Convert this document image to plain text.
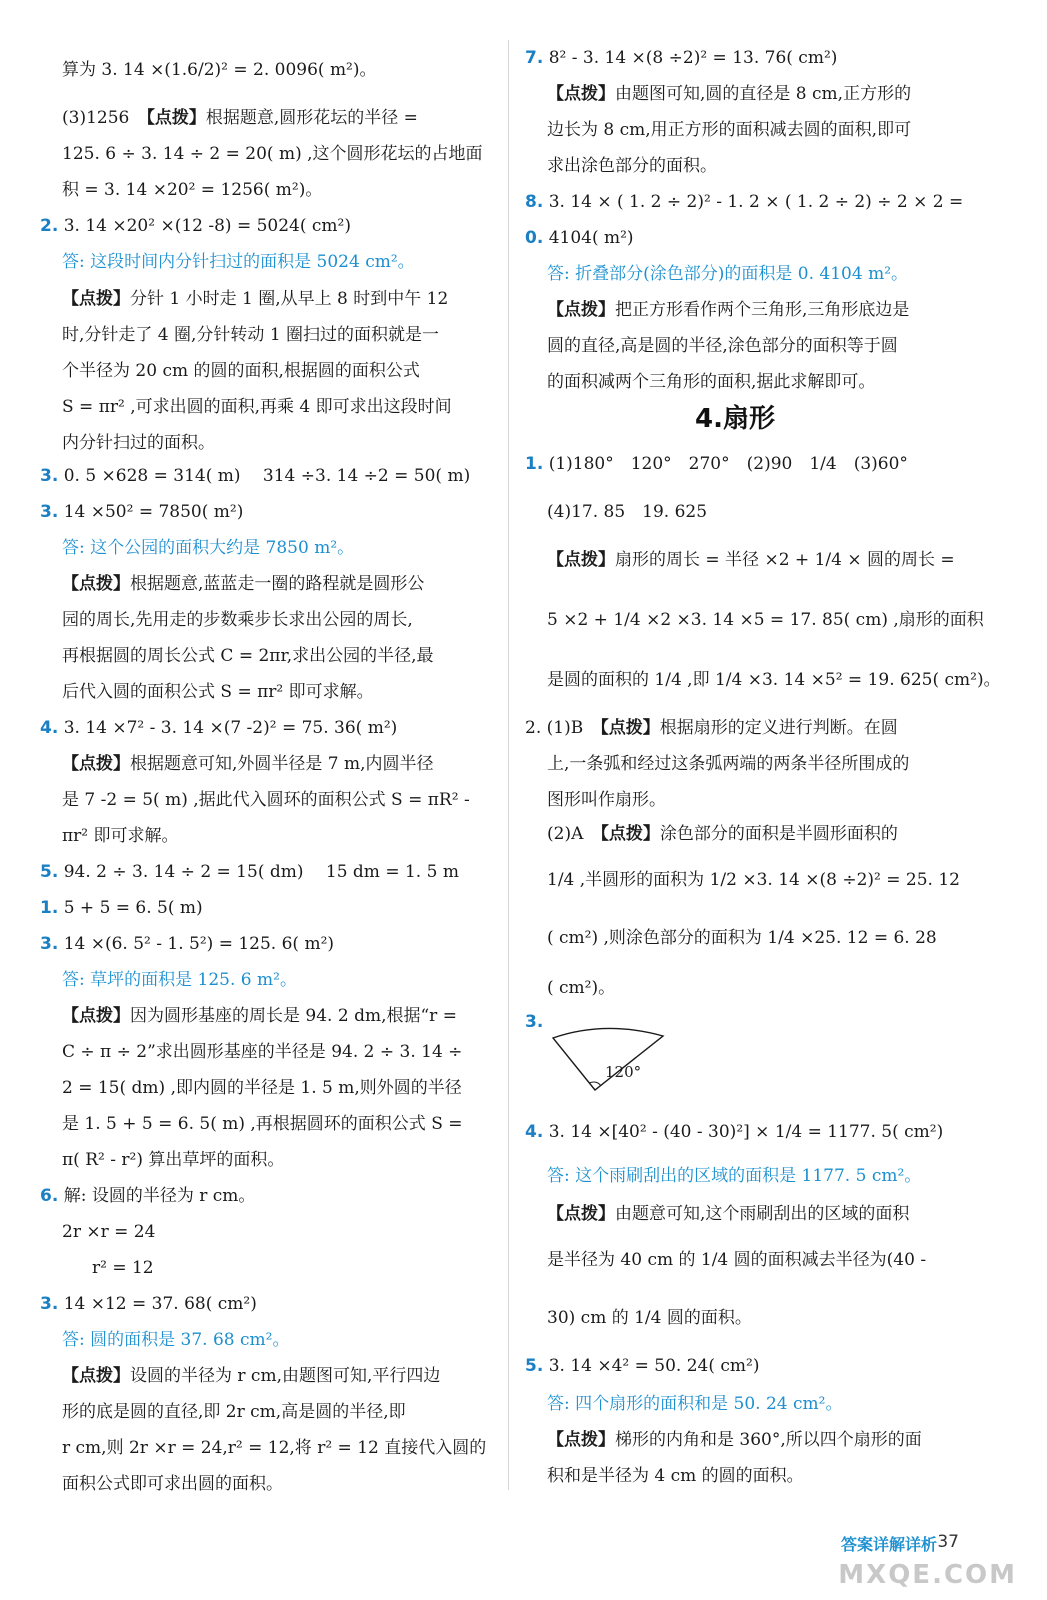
算为 3. 14 ×(1.6/2)² = 2. 0096( m²)。
(3)1256　【点拨】根据题意,圆形花坛的半径 =
125. 6 ÷ 3. 14 ÷ 2 = 20( m) ,这个圆形花坛的占地面
积 = 3. 14 ×20² = 1256( m²)。
2. 3. 14 ×20² ×(12 -8) = 5024( cm²)
答: 这段时间内分针扫过的面积是 5024 cm²。
【点拨】分针 1 小时走 1 圈,从早上 8 时到中午 12
时,分针走了 4 圈,分针转动 1 圈扫过的面积就是一
个半径为 20 cm 的圆的面积,根据圆的面积公式
S = πr² ,可求出圆的面积,再乘 4 即可求出这段时间
内分针扫过的面积。
3. 0. 5 ×628 = 314( m)　 314 ÷3. 14 ÷2 = 50( m)
3. 14 ×50² = 7850( m²)
答: 这个公园的面积大约是 7850 m²。
【点拨】根据题意,蓝蓝走一圈的路程就是圆形公
园的周长,先用走的步数乘步长求出公园的周长,
再根据圆的周长公式 C = 2πr,求出公园的半径,最
后代入圆的面积公式 S = πr² 即可求解。
4. 3. 14 ×7² - 3. 14 ×(7 -2)² = 75. 36( m²)
【点拨】根据题意可知,外圆半径是 7 m,内圆半径
是 7 -2 = 5( m) ,据此代入圆环的面积公式 S = πR² -
πr² 即可求解。
5. 94. 2 ÷ 3. 14 ÷ 2 = 15( dm)　 15 dm = 1. 5 m
1. 5 + 5 = 6. 5( m)
3. 14 ×(6. 5² - 1. 5²) = 125. 6( m²)
答: 草坪的面积是 125. 6 m²。
【点拨】因为圆形基座的周长是 94. 2 dm,根据“r =
C ÷ π ÷ 2”求出圆形基座的半径是 94. 2 ÷ 3. 14 ÷
2 = 15( dm) ,即内圆的半径是 1. 5 m,则外圆的半径
是 1. 5 + 5 = 6. 5( m) ,再根据圆环的面积公式 S =
π( R² - r²) 算出草坪的面积。
6. 解: 设圆的半径为 r cm。
2r ×r = 24
r² = 12
3. 14 ×12 = 37. 68( cm²)
答: 圆的面积是 37. 68 cm²。
【点拨】设圆的半径为 r cm,由题图可知,平行四边
形的底是圆的直径,即 2r cm,高是圆的半径,即
r cm,则 2r ×r = 24,r² = 12,将 r² = 12 直接代入圆的
面积公式即可求出圆的面积。
7. 8² - 3. 14 ×(8 ÷2)² = 13. 76( cm²)
【点拨】由题图可知,圆的直径是 8 cm,正方形的
边长为 8 cm,用正方形的面积减去圆的面积,即可
求出涂色部分的面积。
8. 3. 14 × ( 1. 2 ÷ 2)² - 1. 2 × ( 1. 2 ÷ 2) ÷ 2 × 2 =
0. 4104( m²)
答: 折叠部分(涂色部分)的面积是 0. 4104 m²。
【点拨】把正方形看作两个三角形,三角形底边是
圆的直径,高是圆的半径,涂色部分的面积等于圆
的面积减两个三角形的面积,据此求解即可。
4.扇形
1. (1)180°　120°　270°　(2)90　1/4　(3)60°
(4)17. 85　19. 625
【点拨】扇形的周长 = 半径 ×2 + 1/4 × 圆的周长 =
5 ×2 + 1/4 ×2 ×3. 14 ×5 = 17. 85( cm) ,扇形的面积
是圆的面积的 1/4 ,即 1/4 ×3. 14 ×5² = 19. 625( cm²)。
2. (1)B　【点拨】根据扇形的定义进行判断。在圆
上,一条弧和经过这条弧两端的两条半径所围成的
图形叫作扇形。
(2)A　【点拨】涂色部分的面积是半圆形面积的
1/4 ,半圆形的面积为 1/2 ×3. 14 ×(8 ÷2)² = 25. 12
( cm²) ,则涂色部分的面积为 1/4 ×25. 12 = 6. 28
( cm²)。
3.
120°
4. 3. 14 ×[40² - (40 - 30)²] × 1/4 = 1177. 5( cm²)
答: 这个雨刷刮出的区域的面积是 1177. 5 cm²。
【点拨】由题意可知,这个雨刷刮出的区域的面积
是半径为 40 cm 的 1/4 圆的面积减去半径为(40 -
30) cm 的 1/4 圆的面积。
5. 3. 14 ×4² = 50. 24( cm²)
答: 四个扇形的面积和是 50. 24 cm²。
【点拨】梯形的内角和是 360°,所以四个扇形的面
积和是半径为 4 cm 的圆的面积。
答案详解详析 37
MXQE.COM
